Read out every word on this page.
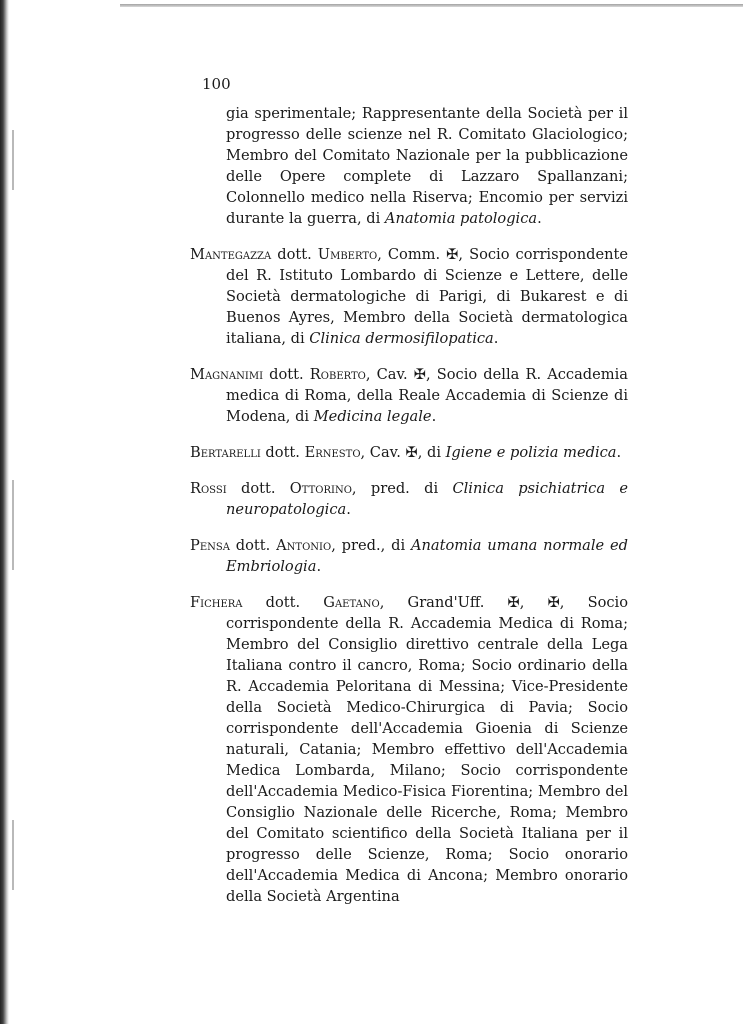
100

gia sperimentale; Rappresentante della Società per il progresso delle scienze nel R. Comitato Glaciologico; Membro del Comitato Nazionale per la pubblicazione delle Opere complete di Lazzaro Spallanzani; Colonnello medico nella Riserva; Encomio per servizi durante la guerra, di Anatomia patologica.

Mantegazza dott. Umberto, Comm. ✠, Socio corrispondente del R. Istituto Lombardo di Scienze e Lettere, delle Società dermatologiche di Parigi, di Bukarest e di Buenos Ayres, Membro della Società dermatologica italiana, di Clinica dermosifilopatica.

Magnanimi dott. Roberto, Cav. ✠, Socio della R. Accademia medica di Roma, della Reale Accademia di Scienze di Modena, di Medicina legale.

Bertarelli dott. Ernesto, Cav. ✠, di Igiene e polizia medica.

Rossi dott. Ottorino, pred. di Clinica psichiatrica e neuropatologica.

Pensa dott. Antonio, pred., di Anatomia umana normale ed Embriologia.

Fichera dott. Gaetano, Grand'Uff. ✠, ✠, Socio corrispondente della R. Accademia Medica di Roma; Membro del Consiglio direttivo centrale della Lega Italiana contro il cancro, Roma; Socio ordinario della R. Accademia Peloritana di Messina; Vice-Presidente della Società Medico-Chirurgica di Pavia; Socio corrispondente dell'Accademia Gioenia di Scienze naturali, Catania; Membro effettivo dell'Accademia Medica Lombarda, Milano; Socio corrispondente dell'Accademia Medico-Fisica Fiorentina; Membro del Consiglio Nazionale delle Ricerche, Roma; Membro del Comitato scientifico della Società Italiana per il progresso delle Scienze, Roma; Socio onorario dell'Accademia Medica di Ancona; Membro onorario della Società Argentina
